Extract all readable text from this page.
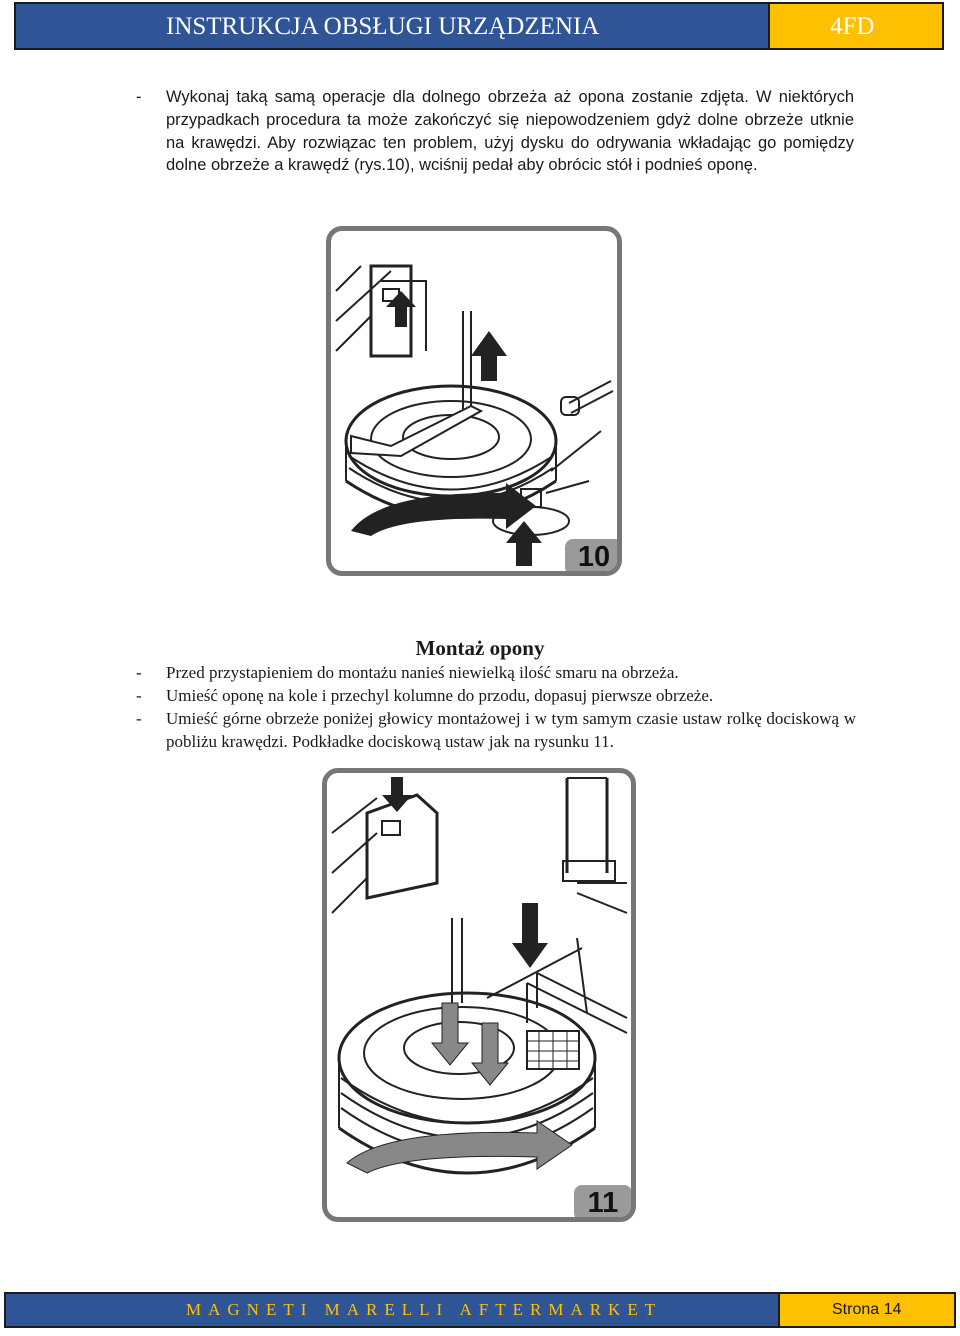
INSTRUKCJA OBSŁUGI URZĄDZENIA	4FD
- Wykonaj taką samą operacje dla dolnego obrzeża aż opona zostanie zdjęta. W niektórych przypadkach procedura ta może zakończyć się niepowodzeniem gdyż dolne obrzeże utknie na krawędzi. Aby rozwiązac ten problem, użyj dysku do odrywania wkładając go pomiędzy dolne obrzeże a krawędź (rys.10), wciśnij pedał aby obrócic stół i podnieś oponę.
10
Montaż opony
- Przed przystapieniem do montażu nanieś niewielką ilość smaru na obrzeża.
- Umieść oponę na kole i przechyl kolumne do przodu, dopasuj pierwsze obrzeże.
- Umieść górne obrzeże poniżej głowicy montażowej i w tym samym czasie ustaw rolkę dociskową w pobliżu krawędzi. Podkładke dociskową ustaw jak na rysunku 11.
11
MAGNETI MARELLI AFTERMARKET	Strona 14
